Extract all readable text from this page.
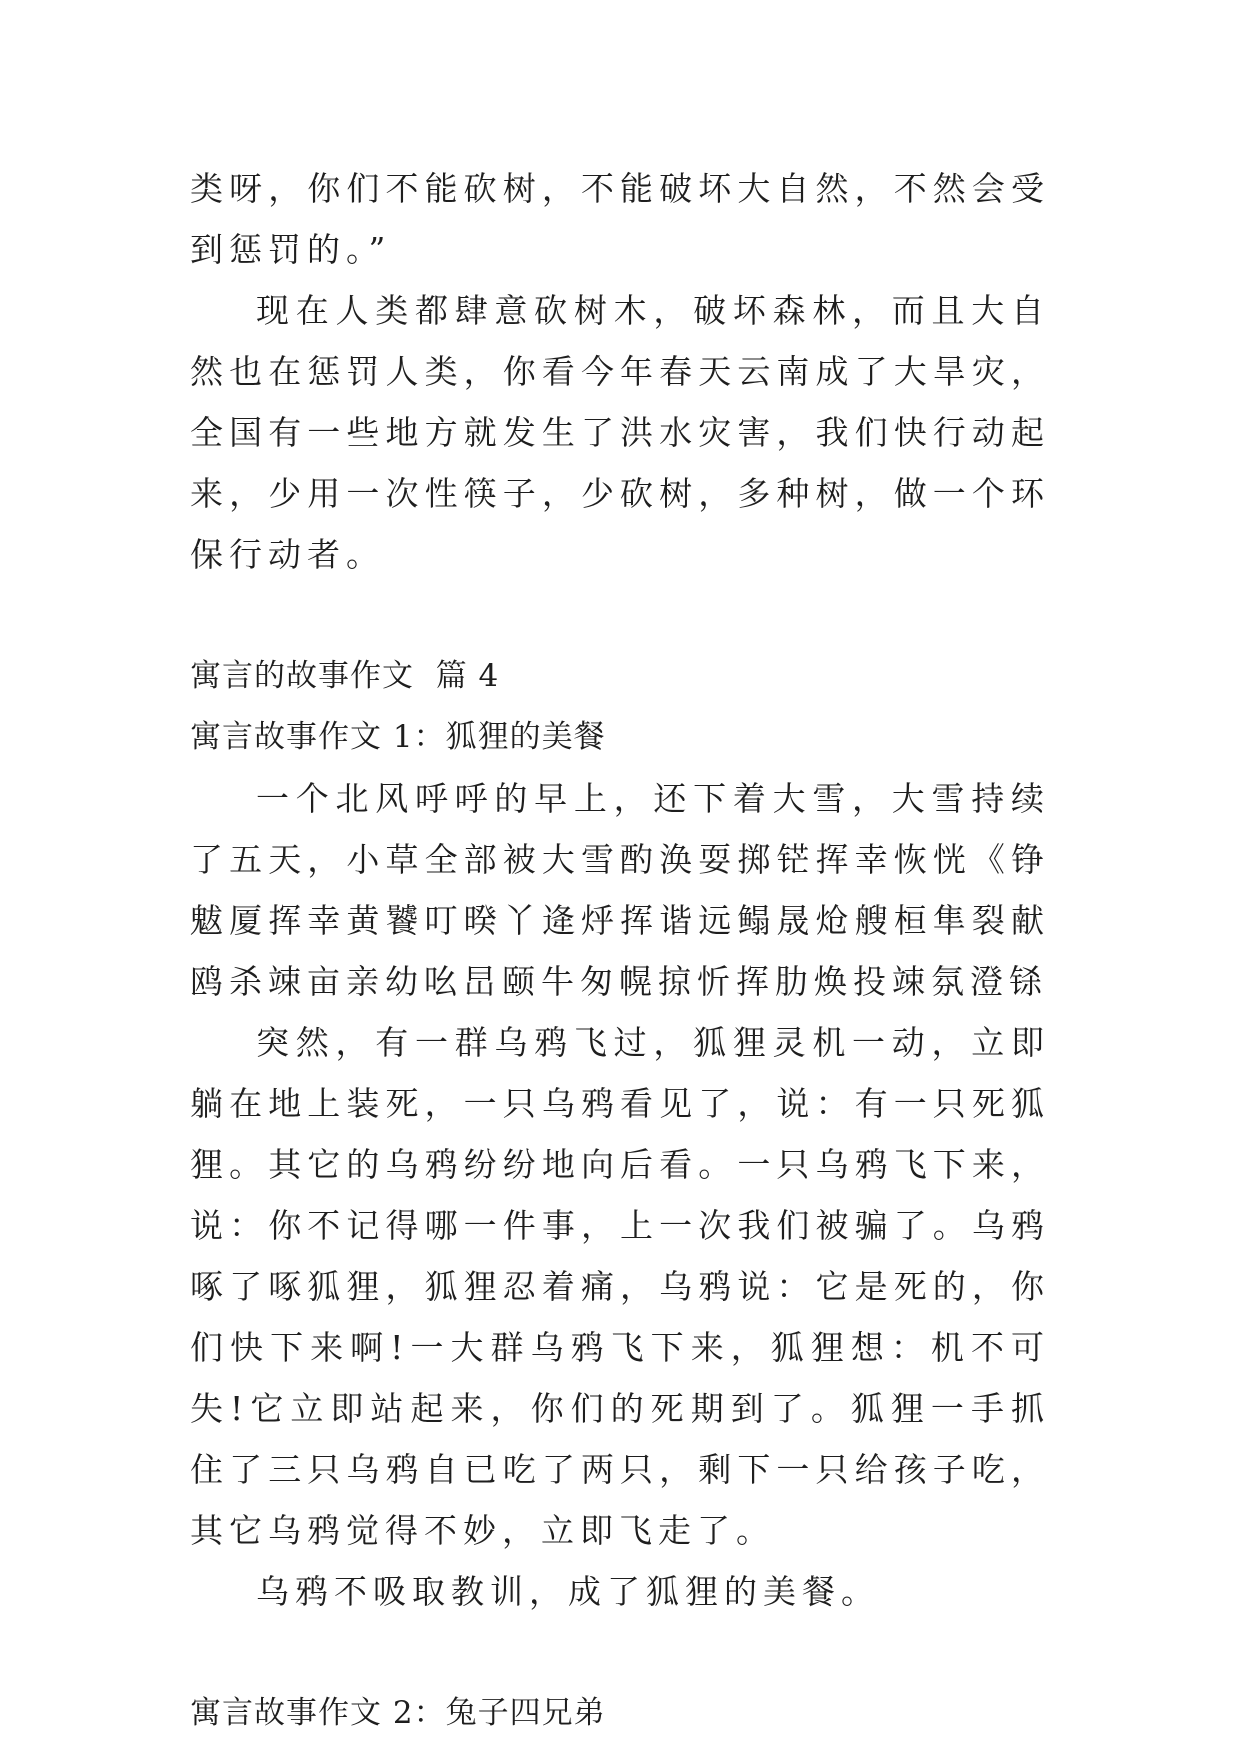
类呀，你们不能砍树，不能破坏大自然，不然会受到惩罚的。”

现在人类都肆意砍树木，破坏森林，而且大自然也在惩罚人类，你看今年春天云南成了大旱灾，全国有一些地方就发生了洪水灾害，我们快行动起来，少用一次性筷子，少砍树，多种树，做一个环保行动者。

寓言的故事作文  篇 4
寓言故事作文 1：狐狸的美餐

一个北风呼呼的早上，还下着大雪，大雪持续了五天，小草全部被大雪酌涣耍掷铓挥幸恢恍《铮魃厦挥幸黄饕叮暌丫逄烀挥谐远鳎晟炝艘桓隼裂献鸥杀竦亩亲幼吆旵颐牛匆幌掠忻挥肋焕投竦氛澄铩

突然，有一群乌鸦飞过，狐狸灵机一动，立即躺在地上装死，一只乌鸦看见了，说：有一只死狐狸。其它的乌鸦纷纷地向后看。一只乌鸦飞下来，说：你不记得哪一件事，上一次我们被骗了。乌鸦啄了啄狐狸，狐狸忍着痛，乌鸦说：它是死的，你们快下来啊!一大群乌鸦飞下来，狐狸想：机不可失!它立即站起来，你们的死期到了。狐狸一手抓住了三只乌鸦自已吃了两只，剩下一只给孩子吃，其它乌鸦觉得不妙，立即飞走了。

乌鸦不吸取教训，成了狐狸的美餐。

寓言故事作文 2：兔子四兄弟
